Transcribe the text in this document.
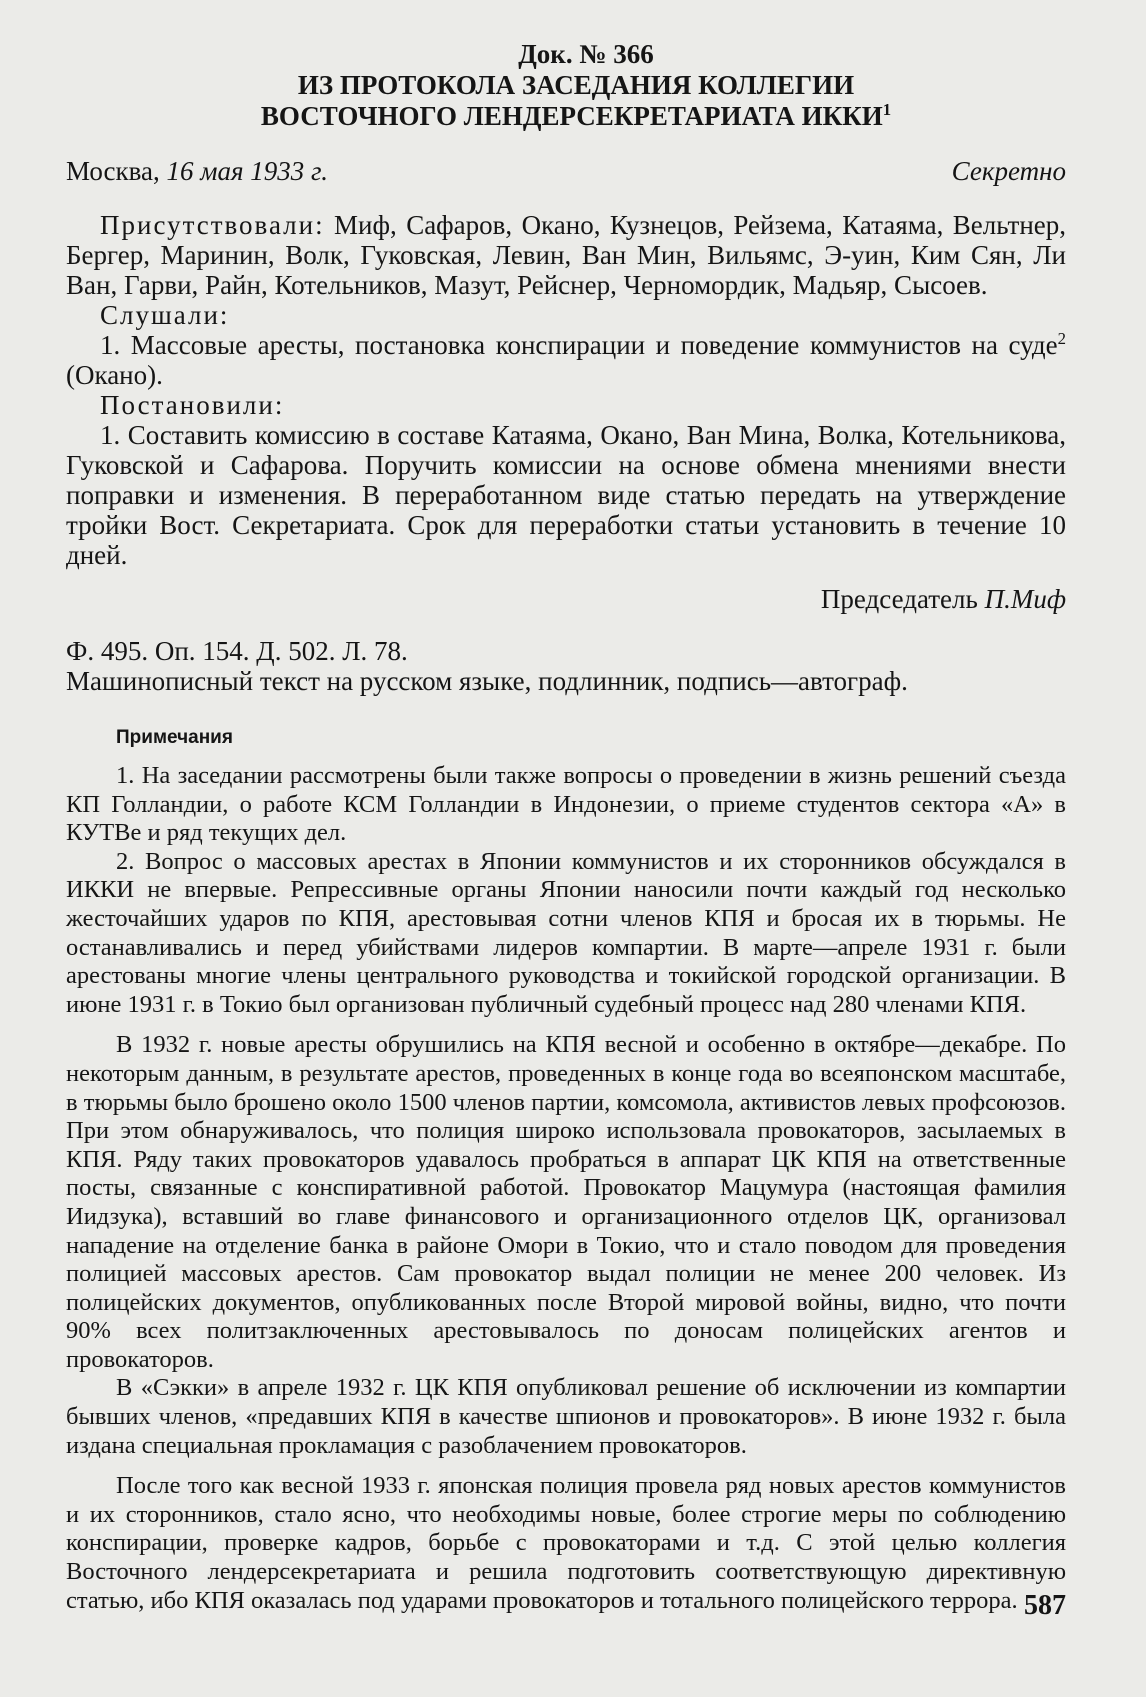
Док. № 366
ИЗ ПРОТОКОЛА ЗАСЕДАНИЯ КОЛЛЕГИИ
ВОСТОЧНОГО ЛЕНДЕРСЕКРЕТАРИАТА ИККИ$^1$
Москва, 16 мая 1933 г.	Секретно

Присутствовали: Миф, Сафаров, Окано, Кузнецов, Рейзема, Катаяма, Вельтнер, Бергер, Маринин, Волк, Гуковская, Левин, Ван Мин, Вильямс, Э-уин, Ким Сян, Ли Ван, Гарви, Райн, Котельников, Мазут, Рейснер, Черномордик, Мадьяр, Сысоев.

Слушали:

1. Массовые аресты, постановка конспирации и поведение коммунистов на суде$^2$ (Окано).

Постановили:

1. Составить комиссию в составе Катаяма, Окано, Ван Мина, Волка, Котельникова, Гуковской и Сафарова. Поручить комиссии на основе обмена мнениями внести поправки и изменения. В переработанном виде статью передать на утверждение тройки Вост. Секретариата. Срок для переработки статьи установить в течение 10 дней.

Председатель П.Миф
Ф. 495. Оп. 154. Д. 502. Л. 78.
Машинописный текст на русском языке, подлинник, подпись—автограф.
Примечания

1. На заседании рассмотрены были также вопросы о проведении в жизнь решений съезда КП Голландии, о работе КСМ Голландии в Индонезии, о приеме студентов сектора «А» в КУТВе и ряд текущих дел.

2. Вопрос о массовых арестах в Японии коммунистов и их сторонников обсуждался в ИККИ не впервые. Репрессивные органы Японии наносили почти каждый год несколько жесточайших ударов по КПЯ, арестовывая сотни членов КПЯ и бросая их в тюрьмы. Не останавливались и перед убийствами лидеров компартии. В марте—апреле 1931 г. были арестованы многие члены центрального руководства и токийской городской организации. В июне 1931 г. в Токио был организован публичный судебный процесс над 280 членами КПЯ.

В 1932 г. новые аресты обрушились на КПЯ весной и особенно в октябре—декабре. По некоторым данным, в результате арестов, проведенных в конце года во всеяпонском масштабе, в тюрьмы было брошено около 1500 членов партии, комсомола, активистов левых профсоюзов. При этом обнаруживалось, что полиция широко использовала провокаторов, засылаемых в КПЯ. Ряду таких провокаторов удавалось пробраться в аппарат ЦК КПЯ на ответственные посты, связанные с конспиративной работой. Провокатор Мацумура (настоящая фамилия Иидзука), вставший во главе финансового и организационного отделов ЦК, организовал нападение на отделение банка в районе Омори в Токио, что и стало поводом для проведения полицией массовых арестов. Сам провокатор выдал полиции не менее 200 человек. Из полицейских документов, опубликованных после Второй мировой войны, видно, что почти 90% всех политзаключенных арестовывалось по доносам полицейских агентов и провокаторов.

В «Сэкки» в апреле 1932 г. ЦК КПЯ опубликовал решение об исключении из компартии бывших членов, «предавших КПЯ в качестве шпионов и провокаторов». В июне 1932 г. была издана специальная прокламация с разоблачением провокаторов.

После того как весной 1933 г. японская полиция провела ряд новых арестов коммунистов и их сторонников, стало ясно, что необходимы новые, более строгие меры по соблюдению конспирации, проверке кадров, борьбе с провокаторами и т.д. С этой целью коллегия Восточного лендерсекретариата и решила подготовить соответствующую директивную статью, ибо КПЯ оказалась под ударами провокаторов и тотального полицейского террора. 587
